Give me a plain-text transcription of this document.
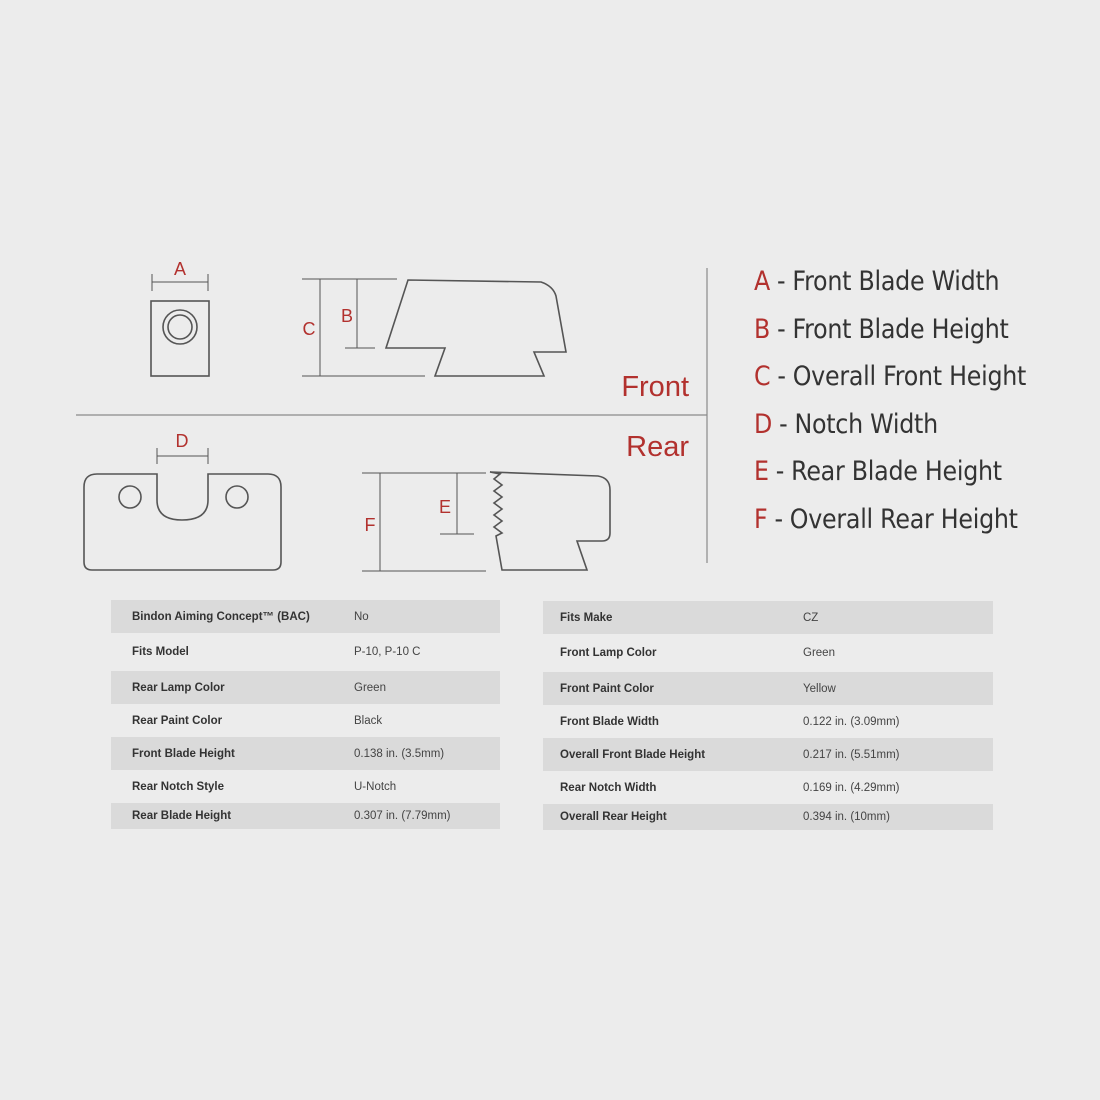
A
B
C
D
E
F
Front
Rear
A - Front Blade Width
B - Front Blade Height
C - Overall Front Height
D - Notch Width
E - Rear Blade Height
F - Overall Rear Height
Bindon Aiming Concept™ (BAC)	No
Fits Model	P-10, P-10 C
Rear Lamp Color	Green
Rear Paint Color	Black
Front Blade Height	0.138 in. (3.5mm)
Rear Notch Style	U-Notch
Rear Blade Height	0.307 in. (7.79mm)
Fits Make	CZ
Front Lamp Color	Green
Front Paint Color	Yellow
Front Blade Width	0.122 in. (3.09mm)
Overall Front Blade Height	0.217 in. (5.51mm)
Rear Notch Width	0.169 in. (4.29mm)
Overall Rear Height	0.394 in. (10mm)
